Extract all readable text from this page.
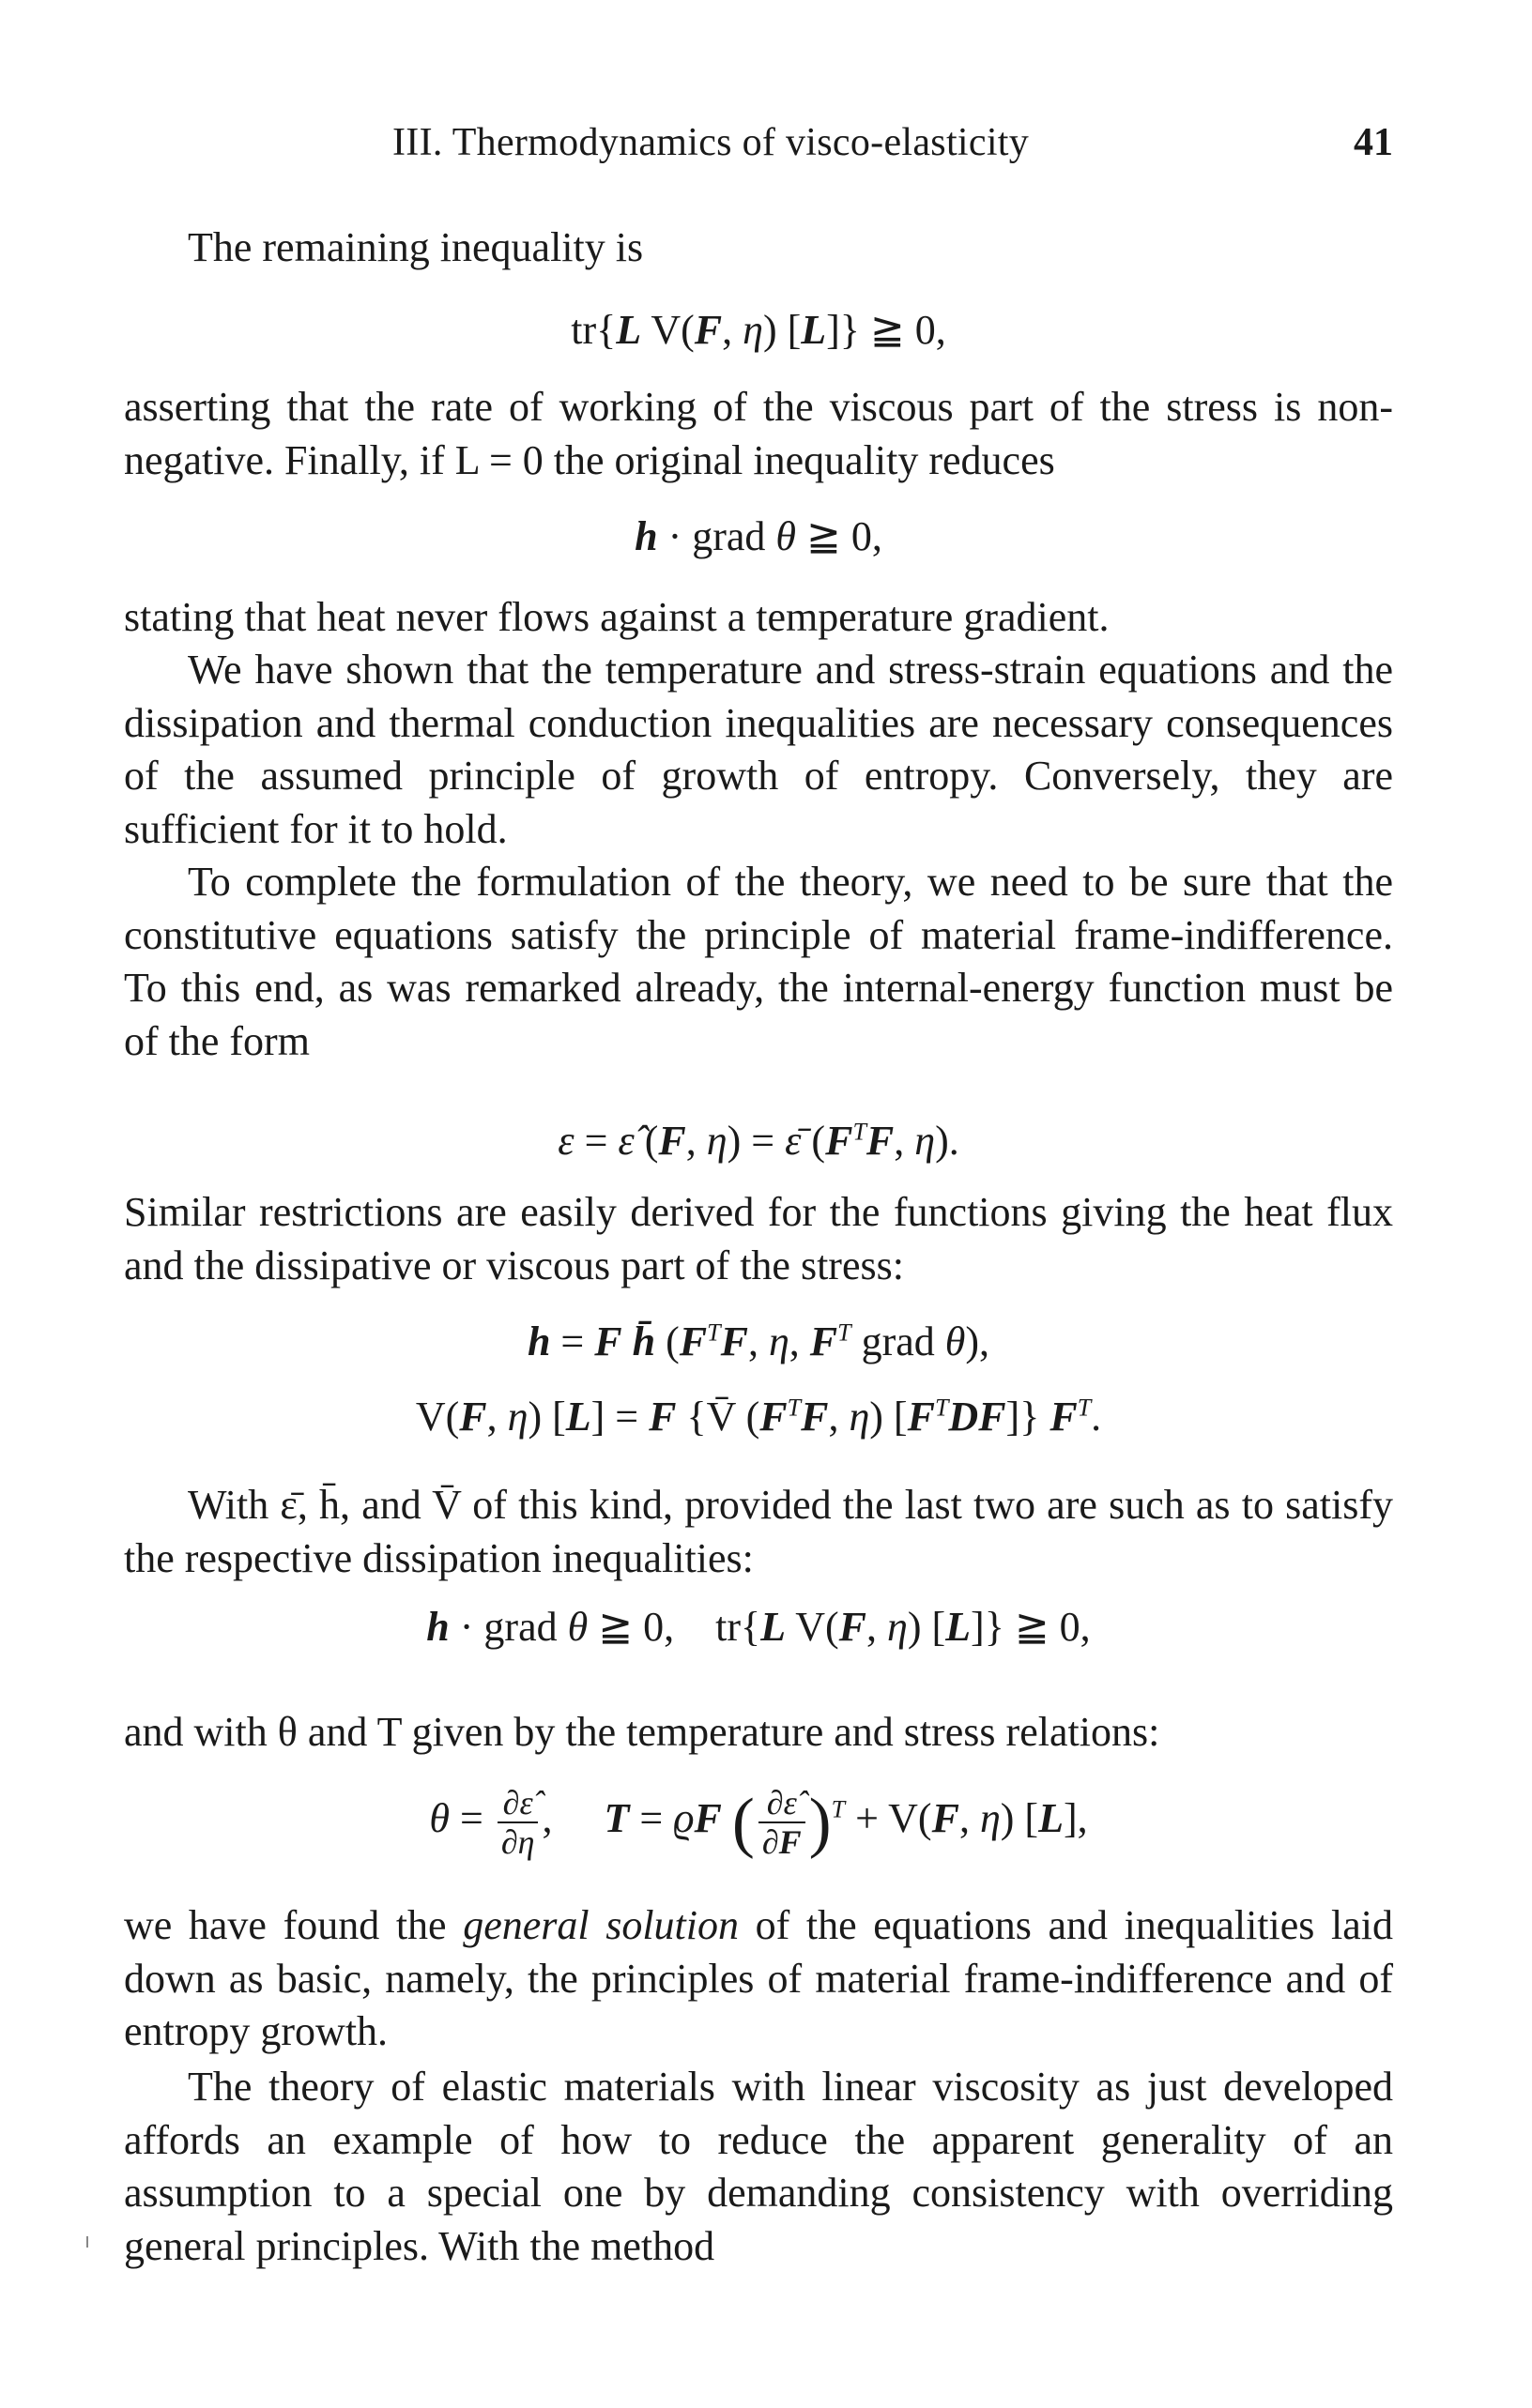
III. Thermodynamics of visco-elasticity	41

The remaining inequality is

tr{L V(F, η) [L]} ≧ 0,

asserting that the rate of working of the viscous part of the stress is non-negative. Finally, if L = 0 the original inequality reduces

h · grad θ ≧ 0,

stating that heat never flows against a temperature gradient.

We have shown that the temperature and stress-strain equations and the dissipation and thermal conduction inequalities are necessary consequences of the assumed principle of growth of entropy. Conversely, they are sufficient for it to hold.

To complete the formulation of the theory, we need to be sure that the constitutive equations satisfy the principle of material frame-indifference. To this end, as was remarked already, the internal-energy function must be of the form

ε = ε̂ (F, η) = ε̄ ($F^TF$, η).

Similar restrictions are easily derived for the functions giving the heat flux and the dissipative or viscous part of the stress:

h = F h̄ ($F^TF$, η, $F^T$ grad θ),
V(F, η) [L] = F {V̄ ($F^TF$, η) $[F^TDF]$} $F^T$.

With ε̄, h̄, and V̄ of this kind, provided the last two are such as to satisfy the respective dissipation inequalities:

h · grad θ ≧ 0,    tr{L V(F, η) [L]} ≧ 0,

and with θ and T given by the temperature and stress relations:

$\theta = \frac{\partial\varepsilon̂}{\partial\eta}$ ,     T = ϱF ( $\frac{\partial\varepsilon̂}{\partial F} )^T + V(F$, η) [L],

we have found the general solution of the equations and inequalities laid down as basic, namely, the principles of material frame-indifference and of entropy growth.

The theory of elastic materials with linear viscosity as just developed affords an example of how to reduce the apparent generality of an assumption to a special one by demanding consistency with overriding general principles. With the method
